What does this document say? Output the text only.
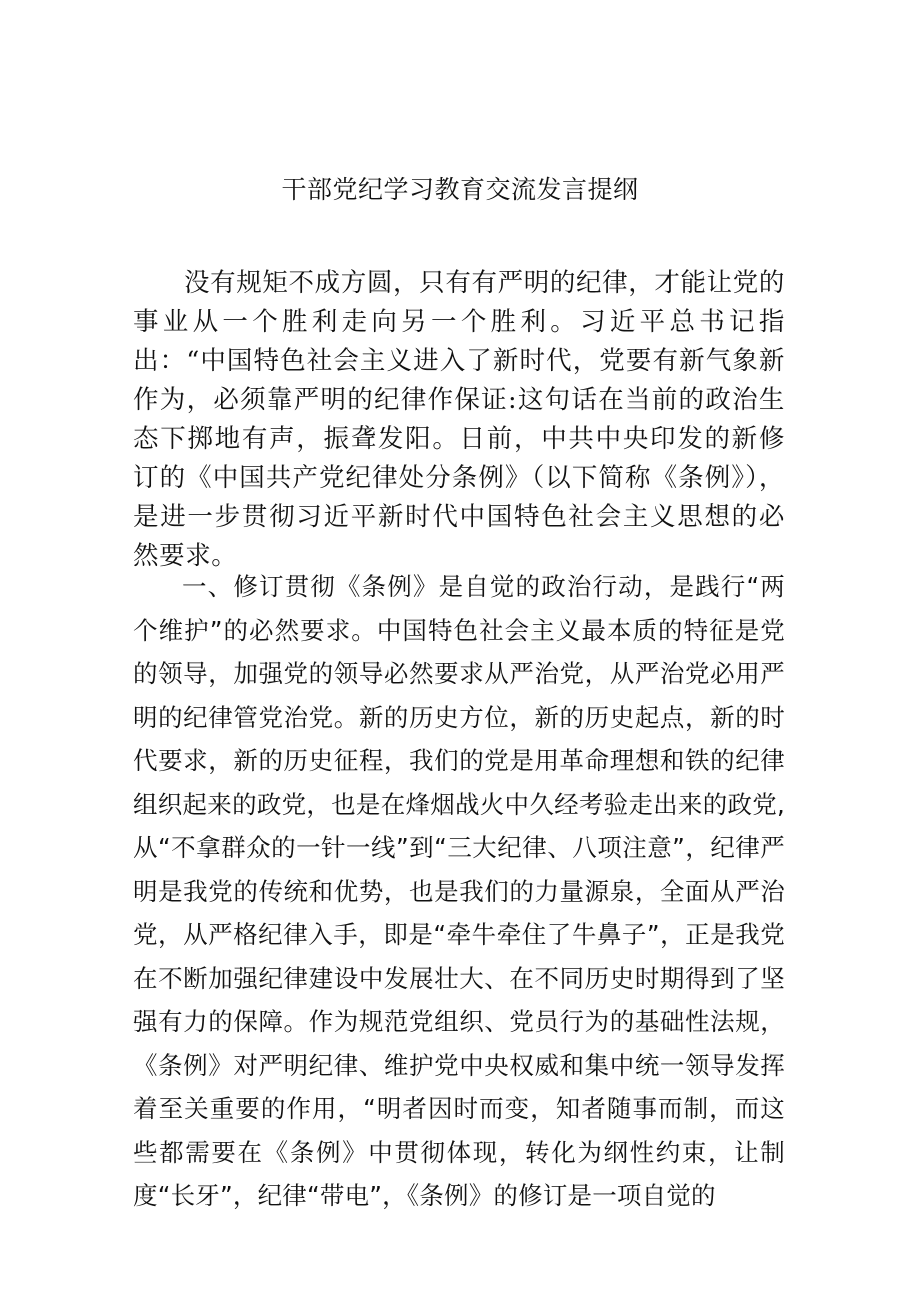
干部党纪学习教育交流发言提纲

没有规矩不成方圆，只有有严明的纪律，才能让党的事业从一个胜利走向另一个胜利。习近平总书记指出：“中国特色社会主义进入了新时代，党要有新气象新作为，必须靠严明的纪律作保证:这句话在当前的政治生态下掷地有声，振聋发阳。日前，中共中央印发的新修订的《中国共产党纪律处分条例》（以下简称《条例》），是进一步贯彻习近平新时代中国特色社会主义思想的必然要求。

一、修订贯彻《条例》是自觉的政治行动，是践行“两个维护”的必然要求。中国特色社会主义最本质的特征是党的领导，加强党的领导必然要求从严治党，从严治党必用严明的纪律管党治党。新的历史方位，新的历史起点，新的时代要求，新的历史征程，我们的党是用革命理想和铁的纪律组织起来的政党，也是在烽烟战火中久经考验走出来的政党,从“不拿群众的一针一线”到“三大纪律、八项注意”，纪律严明是我党的传统和优势，也是我们的力量源泉，全面从严治党，从严格纪律入手，即是“牵牛牵住了牛鼻子”，正是我党在不断加强纪律建设中发展壮大、在不同历史时期得到了坚强有力的保障。作为规范党组织、党员行为的基础性法规，《条例》对严明纪律、维护党中央权威和集中统一领导发挥着至关重要的作用，“明者因时而变，知者随事而制，而这些都需要在《条例》中贯彻体现，转化为纲性约束，让制度“长牙”，纪律“带电”，《条例》的修订是一项自觉的
